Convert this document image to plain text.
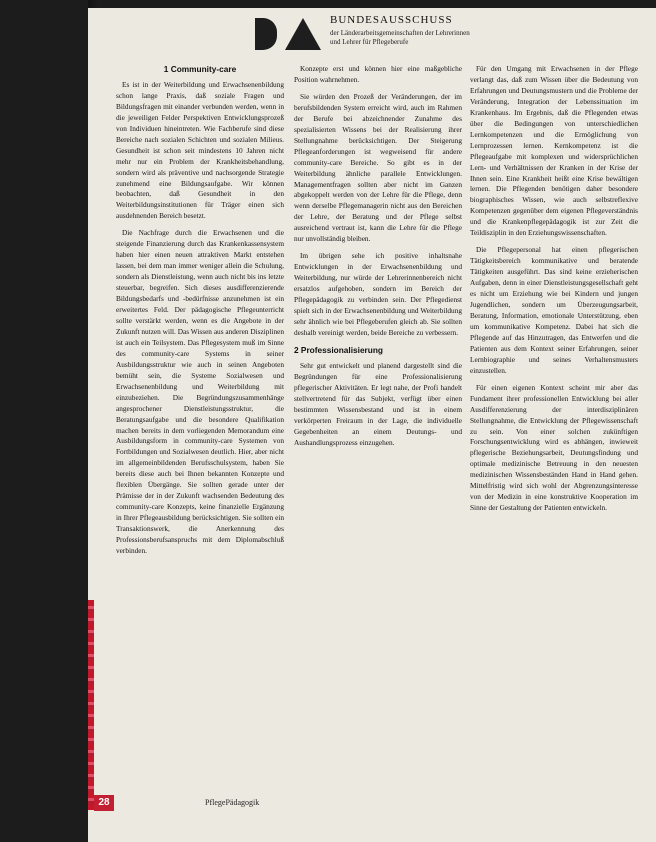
BUNDESAUSSCHUSS
der Länderarbeitsgemeinschaften der Lehrerinnen und Lehrer für Pflegeberufe
1 Community-care

Es ist in der Weiterbildung und Erwachsenenbildung schon lange Praxis, daß soziale Fragen und Bildungsfragen mit einander verbunden werden, wenn in die jeweiligen Felder Perspektiven Entwicklungsprozeß von Individuen hineintreten. Wie Fachberufe sind diese Bereiche nach sozialen Schichten und sozialen Milieus. Gesundheit ist schon seit mindestens 10 Jahren nicht mehr nur ein Problem der Krankheitsbehandlung, sondern wird als präventive und nachsorgende Strategie zunehmend eine Bildungsaufgabe. Wir können beobachten, daß Gesundheit in den Weiterbildungsinstitutionen für Träger einen sich ausdehnenden Bereich besetzt.

Die Nachfrage durch die Erwachsenen und die steigende Finanzierung durch das Krankenkassensystem haben hier einen neuen attraktiven Markt entstehen lassen, bei dem man immer weniger allein die Schulung, sondern als Dienstleistung, wenn auch nicht bis ins letzte steuerbar, begreifen. Sich dieses ausdifferenzierende Bildungsbedarfs und -bedürfnisse anzunehmen ist ein erweitertes Feld. Der pädagogische Pflegeunterricht sollte verstärkt werden, wenn es die Angebote in der Zukunft nutzen will. Das Wissen aus anderen Disziplinen ist auch ein Teilsystem. Das Pflegesystem muß im Sinne des community-care Systems in seiner Ausbildungsstruktur wie auch in seinen Angeboten bemüht sein, die Systeme Sozialwesen und Erwachsenenbildung und Weiterbildung mit einzubeziehen. Die Begründungszusammenhänge angesprochener Dienstleistungsstruktur, die Beratungsaufgabe und die besondere Qualifikation machen bereits in dem vorliegenden Memorandum eine Ausbildungsform in community-care Systemen von Fortbildungen und Sozialwesen deutlich. Hier, aber nicht im allgemeinbildenden Berufsschulsystem, haben Sie bereits diese auch bei Ihnen bekannten Konzepte und flexiblen Übergänge. Sie sollten gerade unter der Prämisse der in der Zukunft wachsenden Bedeutung des community-care Konzepts, keine finanzielle Ergänzung in Ihrer Pflegeausbildung berücksichtigen. Sie sollten ein Transaktionswerk, die Anerkennung des Professionsberufsanspruchs mit dem Diplomabschluß verbinden.

Konzepte erst und können hier eine maßgebliche Position wahrnehmen.

Sie würden den Prozeß der Veränderungen, der im berufsbildenden System erreicht wird, auch im Rahmen der Berufe bei abzeichnender Zunahme des spezialisierten Wissens bei der Realisierung ihrer Stellungnahme berücksichtigen. Der Steigerung Pflegeanforderungen ist wegweisend für andere community-care Bereiche. So gibt es in der Weiterbildung ähnliche parallele Entwicklungen. Managementfragen sollten aber nicht im Ganzen abgekoppelt werden von der Lehre für die Pflege, denn wenn derselbe Pflegemanagerin nicht aus den Bereichen der Lehre, der Beratung und der Pflege selbst ausreichend vertraut ist, kann die Lehre für die Pflege nur unvollständig bleiben.

Im übrigen sehe ich positive inhaltsnahe Entwicklungen in der Erwachsenenbildung und Weiterbildung, nur würde der Lehrerinnenbereich nicht ersatzlos aufgehoben, sondern im Bereich der Pflegepädagogik zu verbinden sein. Der Pflegedienst spielt sich in der Erwachsenenbildung und Weiterbildung sehr ähnlich wie bei Pflegeberufen gleich ab. Sie sollten deshalb vereinigt werden, beide Bereiche zu verbessern.

2 Professionalisierung

Sehr gut entwickelt und planend dargestellt sind die Begründungen für eine Professionalisierung pflegerischer Aktivitäten. Er legt nahe, der Profi handelt stellvertretend für das Subjekt, verfügt über einen bestimmten Wissensbestand und ist in einem verkörperten Freiraum in der Lage, die individuelle Gegebenheiten an einem Deutungs- und Aushandlungsprozess einzugehen.

Für den Umgang mit Erwachsenen in der Pflege verlangt das, daß zum Wissen über die Bedeutung von Erfahrungen und Deutungsmustern und die Probleme der Veränderung, Integration der Lebenssituation im Krankenhaus. Im Ergebnis, daß die Pflegenden etwas über die Bedingungen von unterschiedlichen Lernkompetenzen und die Ermöglichung von Lernprozessen lernen. Kernkompetenz ist die Pflegeaufgabe mit komplexen und widersprüchlichen Lern- und Verhältnissen der Kranken in der Krise der Ihnen sein. Eine Krankheit heißt eine Krise bewältigen lernen. Die Pflegenden benötigen daher besondere biographisches Wissen, wie auch selbstreflexive Kompetenzen gegenüber dem eigenen Pflegeverständnis und die Krankenpflegepädagogik ist zur Zeit die Teildisziplin in den Erziehungswissenschaften.

Die Pflegepersonal hat einen pflegerischen Tätigkeitsbereich kommunikative und beratende Tätigkeiten ausgeführt. Das sind keine erzieherischen Aufgaben, denn in einer Dienstleistungsgesellschaft geht es nicht um Erziehung wie bei Kindern und jungen Jugendlichen, sondern um Überzeugungsarbeit, Beratung, Information, emotionale Unterstützung, eben um kommunikative Kompetenz. Dabei hat sich die Pflegende auf das Hinzutragen, das Entwerfen und die Patienten aus dem Kontext seiner Erfahrungen, seiner Lernbiographie und seines Verhaltensmusters einzustellen.

Für einen eigenen Kontext scheint mir aber das Fundament ihrer professionellen Entwicklung bei aller Ausdifferenzierung der interdisziplinären Stellungnahme, die Entwicklung der Pflegewissenschaft zu sein. Von einer solchen zukünftigen Forschungsentwicklung wird es abhängen, inwieweit pflegerische Beziehungsarbeit, Deutungsfindung und optimale medizinische Betreuung in den neuesten medizinischen Wissensbeständen Hand in Hand gehen. Mittelfristig wird sich wohl der Abgrenzungsinteresse von der Medizin in eine konstruktive Kooperation im Sinne der Gestaltung der Patienten entwickeln.

28	PflegePädagogik
